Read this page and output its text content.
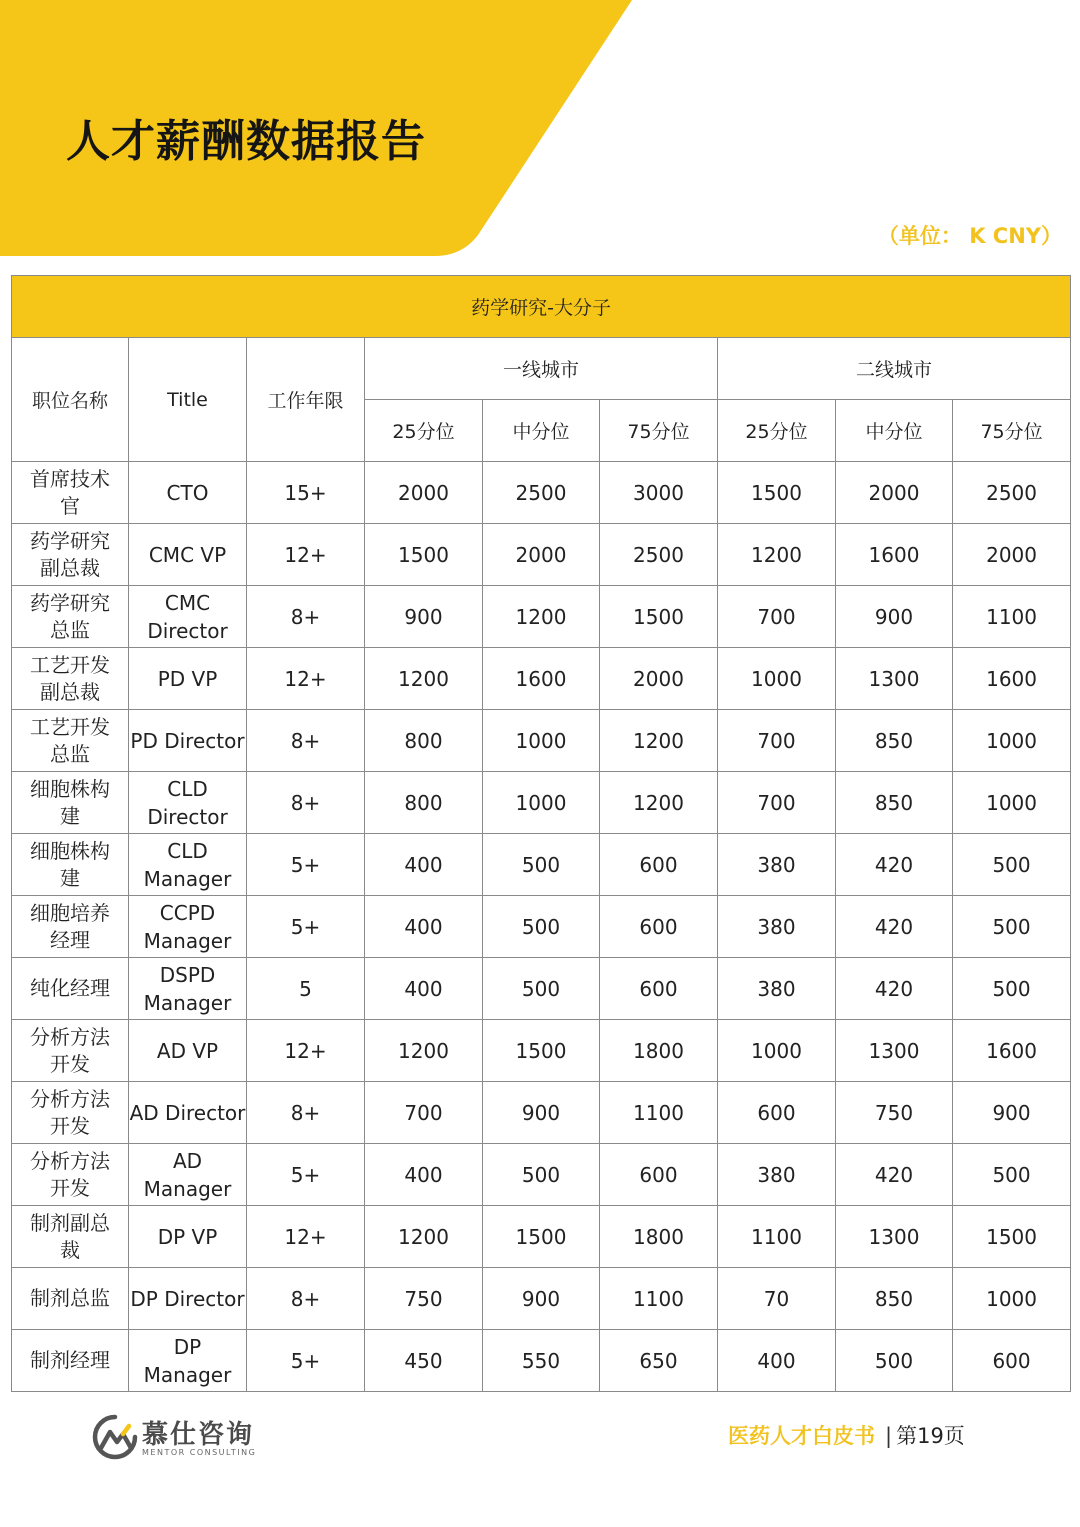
人才薪酬数据报告
（单位： K CNY）
药学研究-大分子								
职位名称	Title	工作年限	一线城市			二线城市		
			25分位	中分位	75分位	25分位	中分位	75分位
首席技术官	CTO	15+	2000	2500	3000	1500	2000	2500
药学研究副总裁	CMC VP	12+	1500	2000	2500	1200	1600	2000
药学研究总监	CMC Director	8+	900	1200	1500	700	900	1100
工艺开发副总裁	PD VP	12+	1200	1600	2000	1000	1300	1600
工艺开发总监	PD Director	8+	800	1000	1200	700	850	1000
细胞株构建	CLD Director	8+	800	1000	1200	700	850	1000
细胞株构建	CLD Manager	5+	400	500	600	380	420	500
细胞培养经理	CCPD Manager	5+	400	500	600	380	420	500
纯化经理	DSPD Manager	5	400	500	600	380	420	500
分析方法开发	AD VP	12+	1200	1500	1800	1000	1300	1600
分析方法开发	AD Director	8+	700	900	1100	600	750	900
分析方法开发	AD Manager	5+	400	500	600	380	420	500
制剂副总裁	DP VP	12+	1200	1500	1800	1100	1300	1500
制剂总监	DP Director	8+	750	900	1100	70	850	1000
制剂经理	DP Manager	5+	450	550	650	400	500	600
慕仕咨询
MENTOR CONSULTING
医药人才白皮书 | 第19页
